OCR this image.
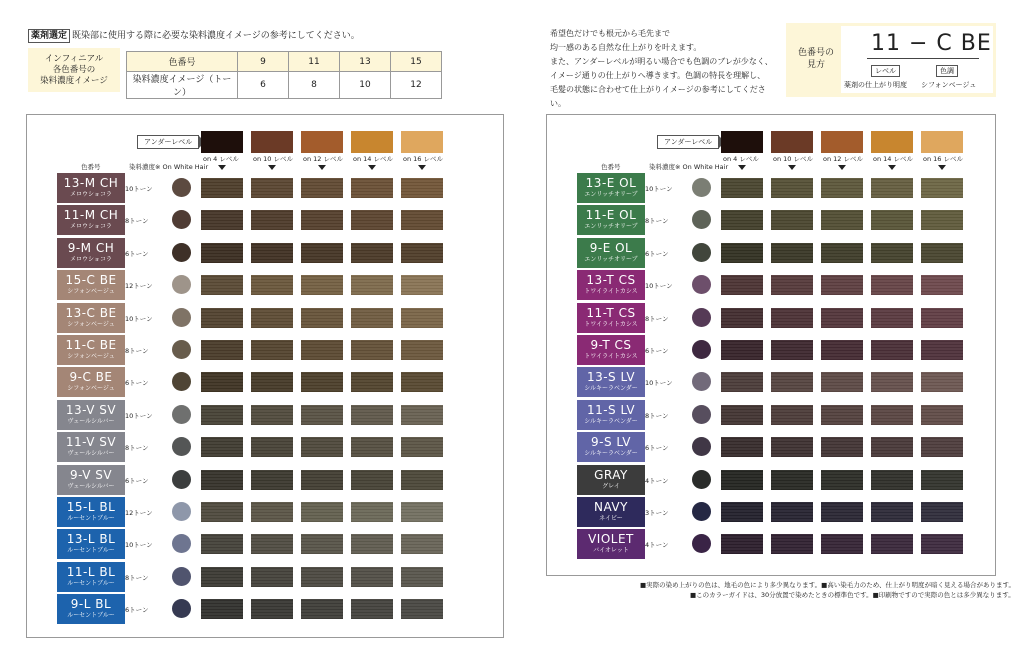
薬剤選定 既染部に使用する際に必要な染料濃度イメージの参考にしてください。
インフィニアル
各色番号の
染料濃度イメージ
色番号	9	11	13	15
染料濃度イメージ（トーン）	6	8	10	12
希望色だけでも根元から毛先まで
均一感のある自然な仕上がりを叶えます。
また、アンダーレベルが明るい場合でも色調のブレが少なく、
イメージ通りの仕上がりへ導きます。色調の特長を理解し、
毛髪の状態に合わせて仕上がりイメージの参考にしてください。
色番号の
見方
11 − C BE
レベル	色調
薬剤の仕上がり明度 シフォンベージュ
アンダーレベル
on 4 レベル on 10 レベル on 12 レベル on 14 レベル on 16 レベル
色番号	染料濃度※ On White Hair
13-M CH
メロウショコラ
10トーン
11-M CH
メロウショコラ
8トーン
9-M CH
メロウショコラ
6トーン
15-C BE
シフォンベージュ
12トーン
13-C BE
シフォンベージュ
10トーン
11-C BE
シフォンベージュ
8トーン
9-C BE
シフォンベージュ
6トーン
13-V SV
ヴェールシルバー
10トーン
11-V SV
ヴェールシルバー
8トーン
9-V SV
ヴェールシルバー
6トーン
15-L BL
ルーセントブルー
12トーン
13-L BL
ルーセントブルー
10トーン
11-L BL
ルーセントブルー
8トーン
9-L BL
ルーセントブルー
6トーン
アンダーレベル
on 4 レベル on 10 レベル on 12 レベル on 14 レベル on 16 レベル
色番号	染料濃度※ On White Hair
13-E OL
エンリッチオリーブ
10トーン
11-E OL
エンリッチオリーブ
8トーン
9-E OL
エンリッチオリーブ
6トーン
13-T CS
トワイライトカシス
10トーン
11-T CS
トワイライトカシス
8トーン
9-T CS
トワイライトカシス
6トーン
13-S LV
シルキーラベンダー
10トーン
11-S LV
シルキーラベンダー
8トーン
9-S LV
シルキーラベンダー
6トーン
GRAY
グレイ
4トーン
NAVY
ネイビー
3トーン
VIOLET
バイオレット
4トーン
■実際の染め上がりの色は、地毛の色により多少異なります。■高い染毛力のため、仕上がり明度が暗く見える場合があります。
■このカラーガイドは、30分放置で染めたときの標準色です。■印刷物ですので実際の色とは多少異なります。
